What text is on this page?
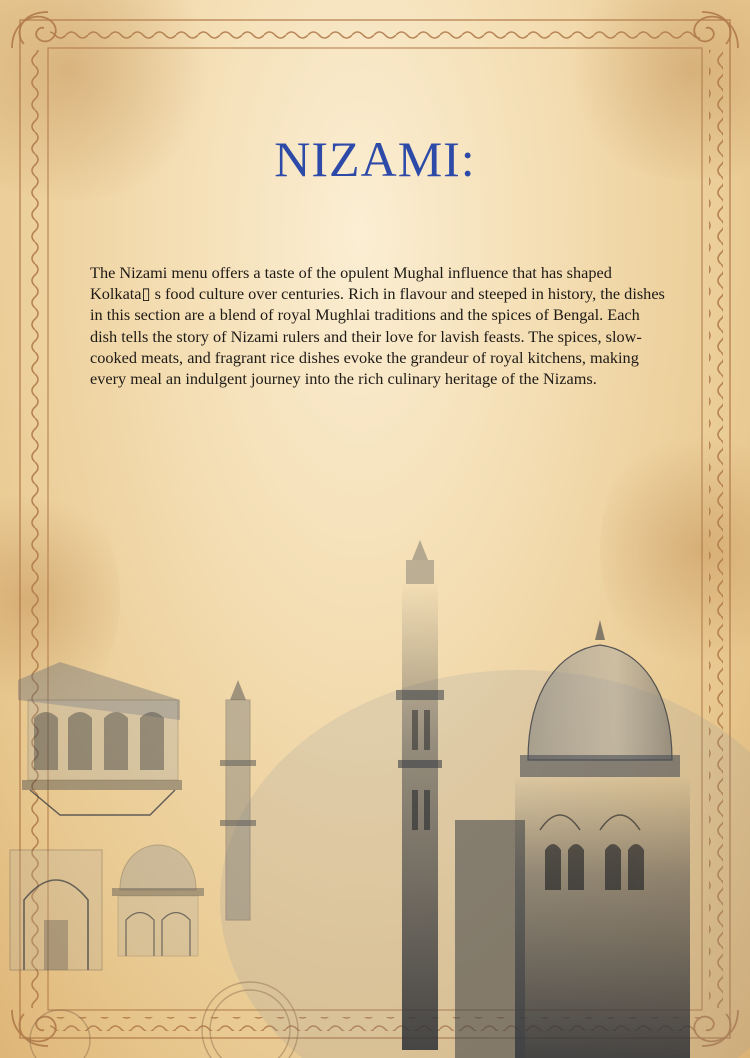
NIZAMI:

The Nizami menu offers a taste of the opulent Mughal influence that has shaped Kolkata▯ s food culture over centuries. Rich in flavour and steeped in history, the dishes in this section are a blend of royal Mughlai traditions and the spices of Bengal. Each dish tells the story of Nizami rulers and their love for lavish feasts. The spices, slow-cooked meats, and fragrant rice dishes evoke the grandeur of royal kitchens, making every meal an indulgent journey into the rich culinary heritage of the Nizams.
